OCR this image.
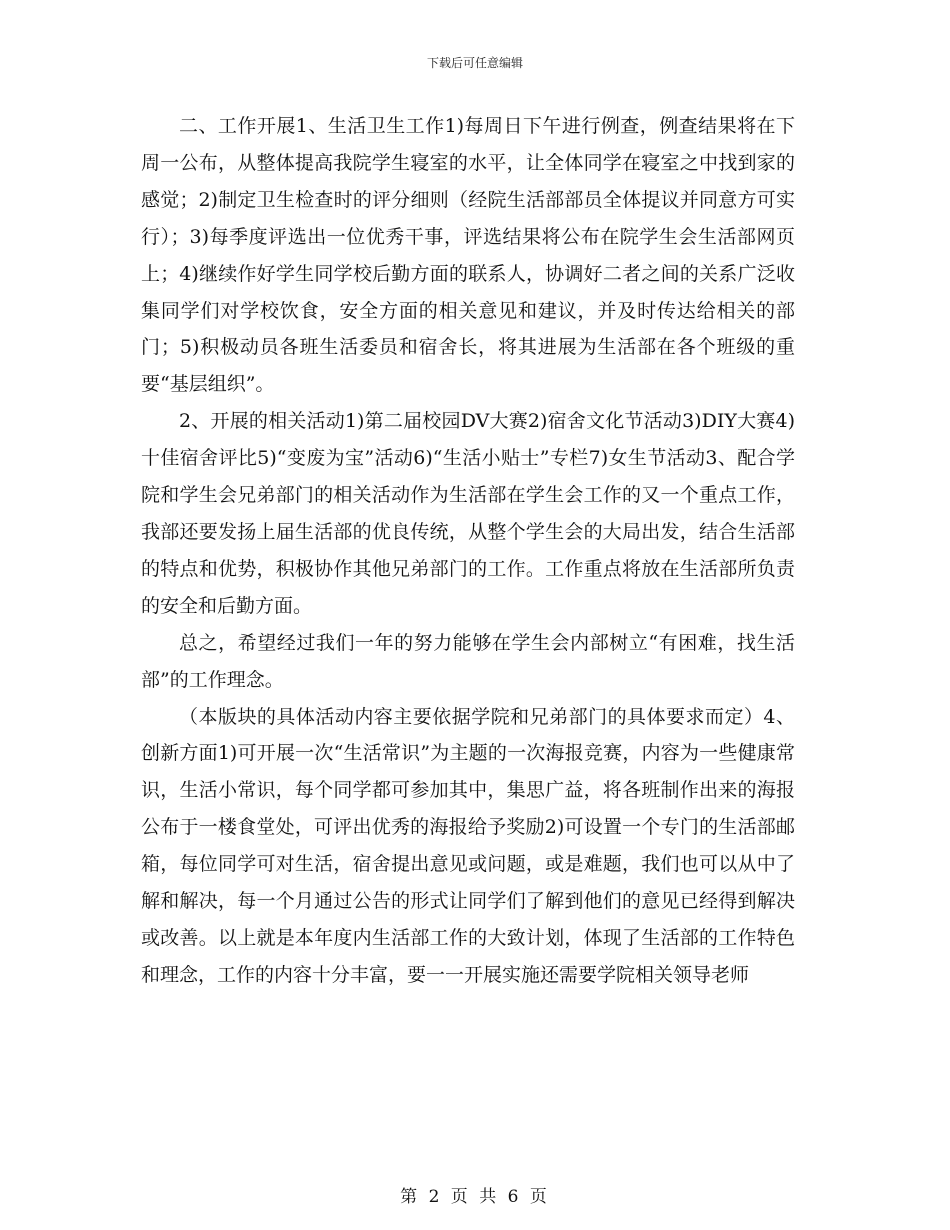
下载后可任意编辑

二、工作开展1、生活卫生工作1)每周日下午进行例查，例查结果将在下周一公布，从整体提高我院学生寝室的水平，让全体同学在寝室之中找到家的感觉；2)制定卫生检查时的评分细则（经院生活部部员全体提议并同意方可实行）；3)每季度评选出一位优秀干事，评选结果将公布在院学生会生活部网页上；4)继续作好学生同学校后勤方面的联系人，协调好二者之间的关系广泛收集同学们对学校饮食，安全方面的相关意见和建议，并及时传达给相关的部门；5)积极动员各班生活委员和宿舍长，将其进展为生活部在各个班级的重要“基层组织”。

2、开展的相关活动1)第二届校园DV大赛2)宿舍文化节活动3)DIY大赛4)十佳宿舍评比5)“变废为宝”活动6)“生活小贴士”专栏7)女生节活动3、配合学院和学生会兄弟部门的相关活动作为生活部在学生会工作的又一个重点工作，我部还要发扬上届生活部的优良传统，从整个学生会的大局出发，结合生活部的特点和优势，积极协作其他兄弟部门的工作。工作重点将放在生活部所负责的安全和后勤方面。

总之，希望经过我们一年的努力能够在学生会内部树立“有困难，找生活部”的工作理念。

（本版块的具体活动内容主要依据学院和兄弟部门的具体要求而定）4、创新方面1)可开展一次“生活常识”为主题的一次海报竞赛，内容为一些健康常识，生活小常识，每个同学都可参加其中，集思广益，将各班制作出来的海报公布于一楼食堂处，可评出优秀的海报给予奖励2)可设置一个专门的生活部邮箱，每位同学可对生活，宿舍提出意见或问题，或是难题，我们也可以从中了解和解决，每一个月通过公告的形式让同学们了解到他们的意见已经得到解决或改善。以上就是本年度内生活部工作的大致计划，体现了生活部的工作特色和理念，工作的内容十分丰富，要一一开展实施还需要学院相关领导老师

第 2 页 共 6 页
